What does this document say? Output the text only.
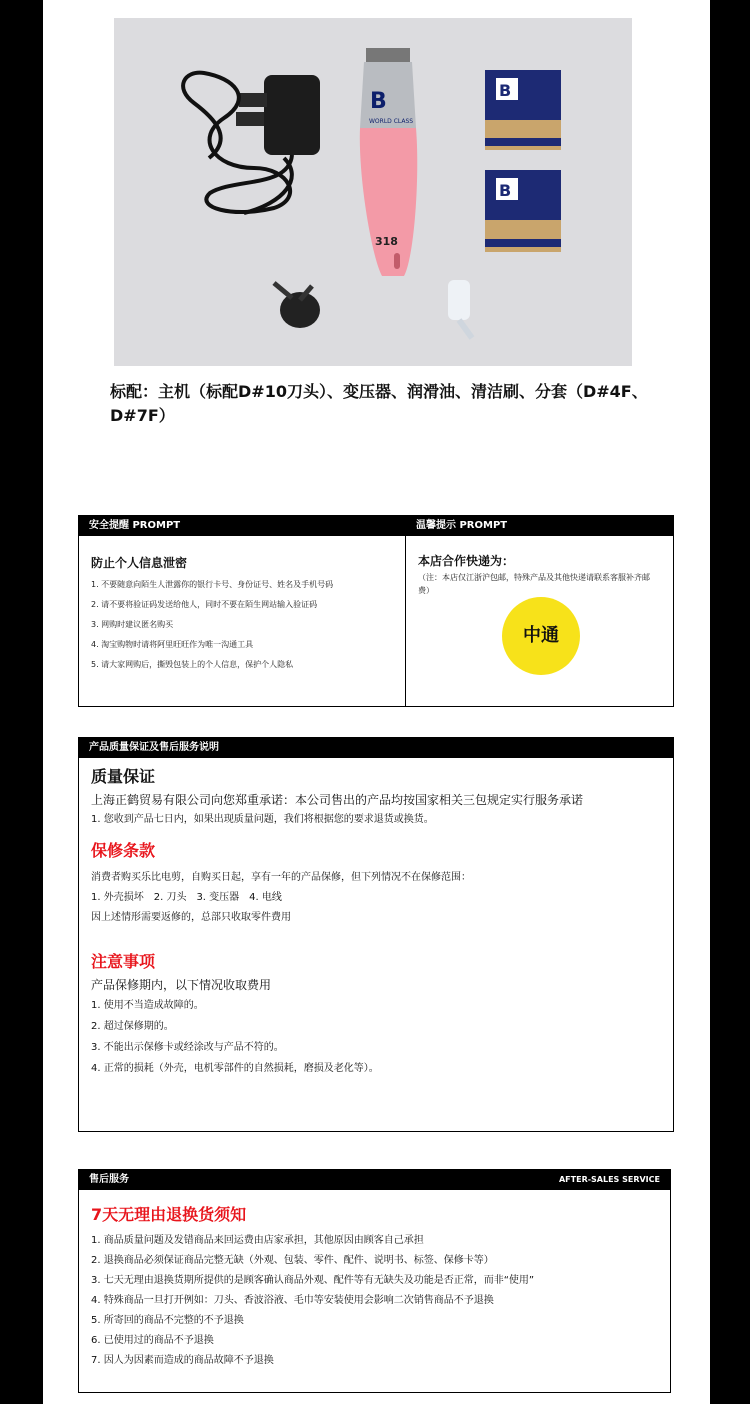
B
WORLD CLASS
318
B
B
标配：主机（标配D#10刀头）、变压器、润滑油、清洁刷、分套（D#4F、D#7F）
安全提醒 PROMPT
防止个人信息泄密
1. 不要随意向陌生人泄露你的银行卡号、身份证号、姓名及手机号码
2. 请不要将验证码发送给他人，同时不要在陌生网站输入验证码
3. 网购时建议匿名购买
4. 淘宝购物时请将阿里旺旺作为唯一沟通工具
5. 请大家网购后，撕毁包装上的个人信息，保护个人隐私
温馨提示 PROMPT
本店合作快递为：
（注：本店仅江浙沪包邮，特殊产品及其他快递请联系客服补齐邮费）
中通
产品质量保证及售后服务说明
质量保证
上海正鹤贸易有限公司向您郑重承诺：本公司售出的产品均按国家相关三包规定实行服务承诺
1. 您收到产品七日内，如果出现质量问题，我们将根据您的要求退货或换货。
保修条款
消费者购买乐比电剪，自购买日起，享有一年的产品保修，但下列情况不在保修范围：
1. 外壳损坏　2. 刀头　3. 变压器　4. 电线
因上述情形需要返修的，总部只收取零件费用
注意事项
产品保修期内，以下情况收取费用
1. 使用不当造成故障的。
2. 超过保修期的。
3. 不能出示保修卡或经涂改与产品不符的。
4. 正常的损耗（外壳，电机零部件的自然损耗，磨损及老化等）。
售后服务	AFTER-SALES SERVICE
7天无理由退换货须知
1. 商品质量问题及发错商品来回运费由店家承担，其他原因由顾客自己承担
2. 退换商品必须保证商品完整无缺（外观、包装、零件、配件、说明书、标签、保修卡等）
3. 七天无理由退换货期所提供的是顾客确认商品外观、配件等有无缺失及功能是否正常，而非“使用”
4. 特殊商品一旦打开例如：刀头、香波浴液、毛巾等安装使用会影响二次销售商品不予退换
5. 所寄回的商品不完整的不予退换
6. 已使用过的商品不予退换
7. 因人为因素而造成的商品故障不予退换
